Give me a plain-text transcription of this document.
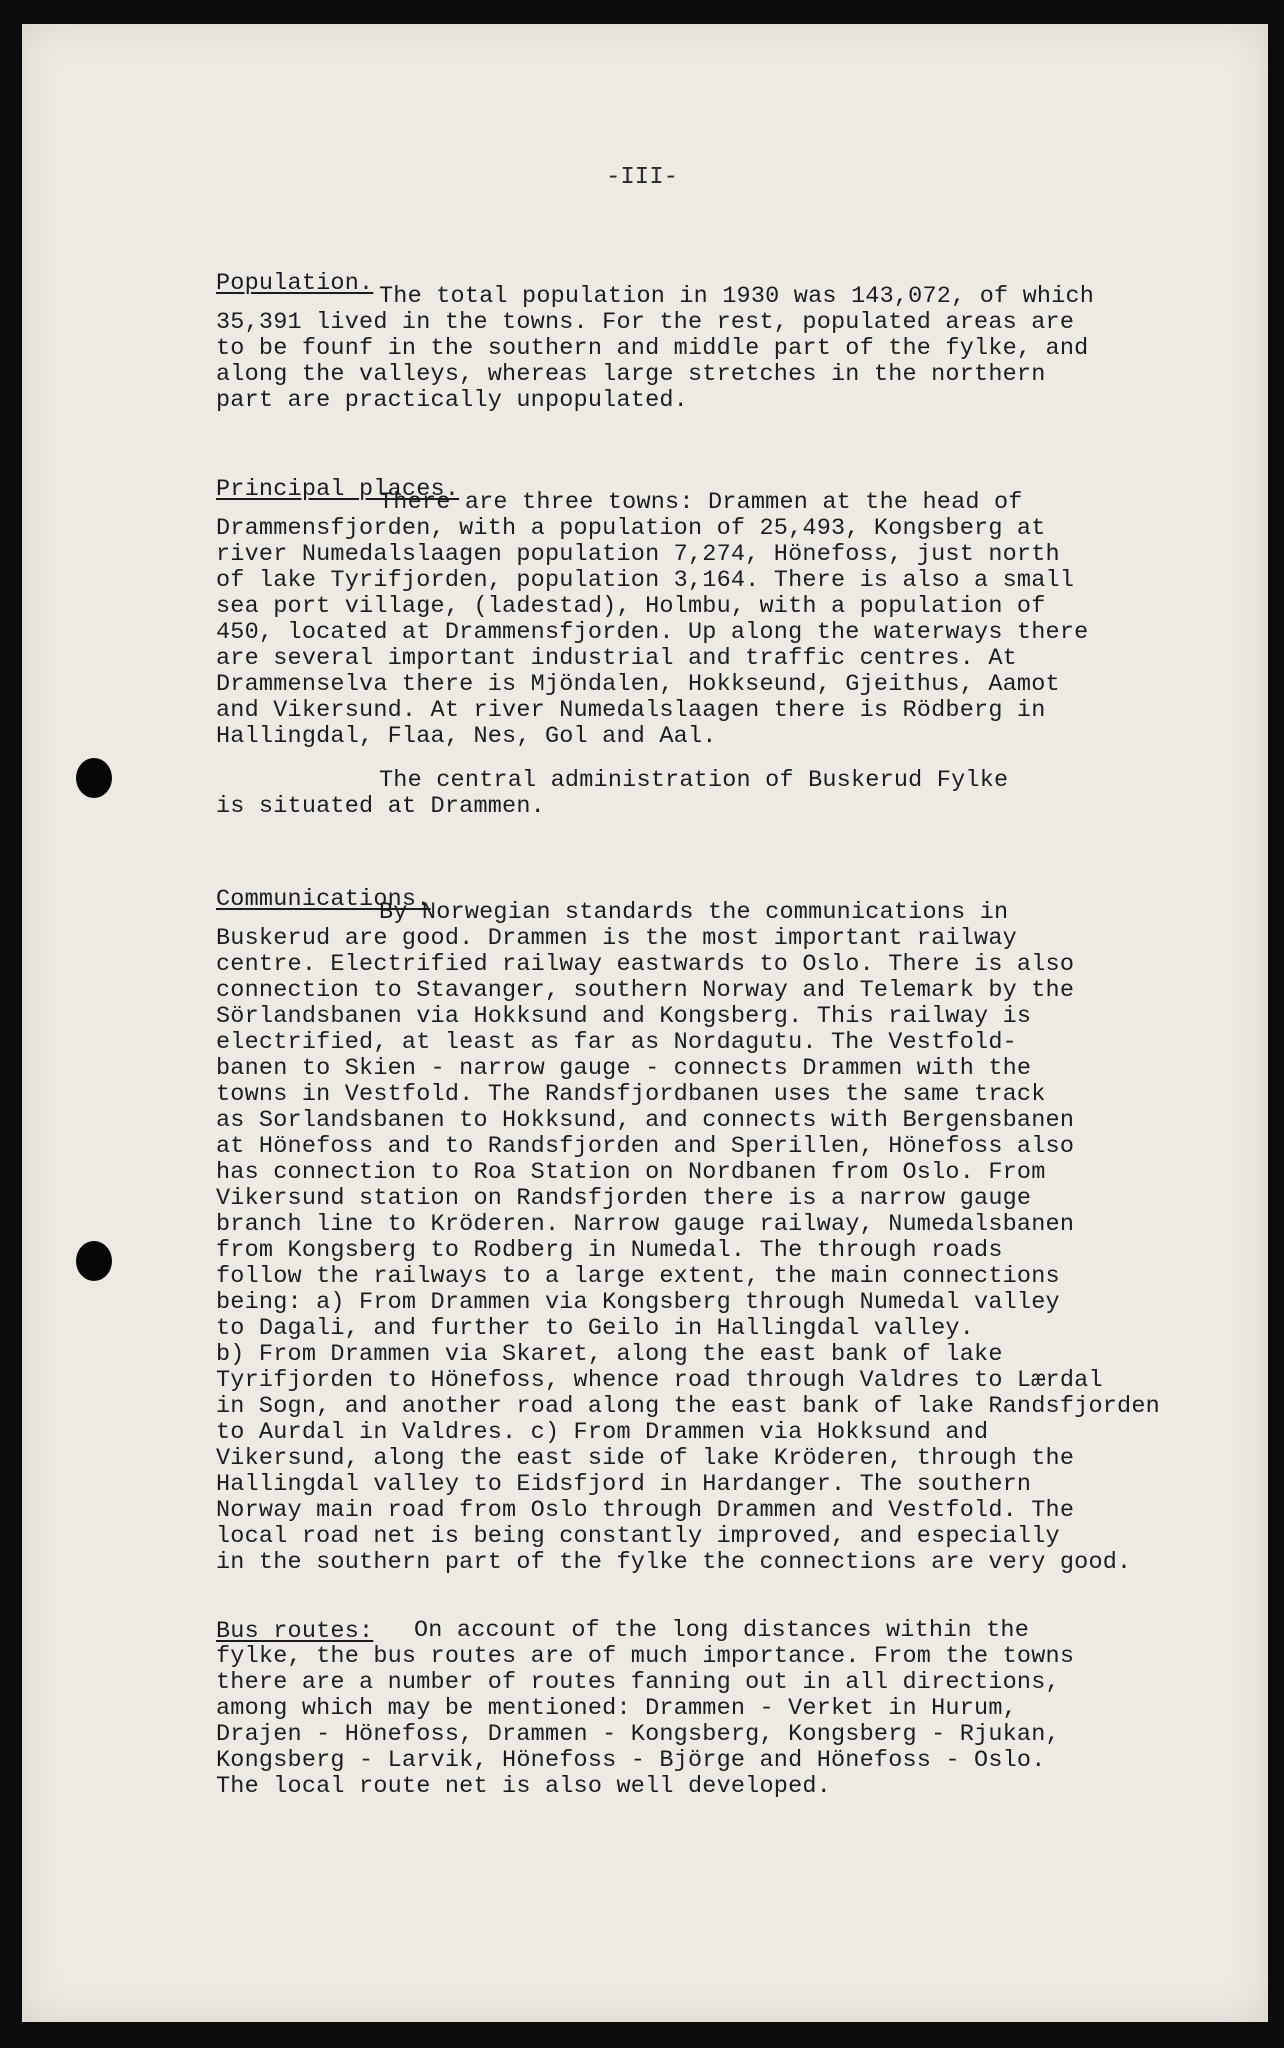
-III-
Population. The total population in 1930 was 143,072, of which
35,391 lived in the towns. For the rest, populated areas are
to be founf in the southern and middle part of the fylke, and
along the valleys, whereas large stretches in the northern
part are practically unpopulated.
Principal places.
There are three towns: Drammen at the head of
Drammensfjorden, with a population of 25,493, Kongsberg at
river Numedalslaagen population 7,274, Hönefoss, just north
of lake Tyrifjorden, population 3,164. There is also a small
sea port village, (ladestad), Holmbu, with a population of
450, located at Drammensfjorden. Up along the waterways there
are several important industrial and traffic centres. At
Drammenselva there is Mjöndalen, Hokkseund, Gjeithus, Aamot
and Vikersund. At river Numedalslaagen there is Rödberg in
Hallingdal, Flaa, Nes, Gol and Aal.
The central administration of Buskerud Fylke
is situated at Drammen.
Communications.
By Norwegian standards the communications in
Buskerud are good. Drammen is the most important railway
centre. Electrified railway eastwards to Oslo. There is also
connection to Stavanger, southern Norway and Telemark by the
Sörlandsbanen via Hokksund and Kongsberg. This railway is
electrified, at least as far as Nordagutu. The Vestfold-
banen to Skien - narrow gauge - connects Drammen with the
towns in Vestfold. The Randsfjordbanen uses the same track
as Sorlandsbanen to Hokksund, and connects with Bergensbanen
at Hönefoss and to Randsfjorden and Sperillen, Hönefoss also
has connection to Roa Station on Nordbanen from Oslo. From
Vikersund station on Randsfjorden there is a narrow gauge
branch line to Kröderen. Narrow gauge railway, Numedalsbanen
from Kongsberg to Rodberg in Numedal. The through roads
follow the railways to a large extent, the main connections
being: a) From Drammen via Kongsberg through Numedal valley
to Dagali, and further to Geilo in Hallingdal valley.
b) From Drammen via Skaret, along the east bank of lake
Tyrifjorden to Hönefoss, whence road through Valdres to Lærdal
in Sogn, and another road along the east bank of lake Randsfjorden
to Aurdal in Valdres. c) From Drammen via Hokksund and
Vikersund, along the east side of lake Kröderen, through the
Hallingdal valley to Eidsfjord in Hardanger. The southern
Norway main road from Oslo through Drammen and Vestfold. The
local road net is being constantly improved, and especially
in the southern part of the fylke the connections are very good.
Bus routes: On account of the long distances within the
fylke, the bus routes are of much importance. From the towns
there are a number of routes fanning out in all directions,
among which may be mentioned: Drammen - Verket in Hurum,
Drajen - Hönefoss, Drammen - Kongsberg, Kongsberg - Rjukan,
Kongsberg - Larvik, Hönefoss - Björge and Hönefoss - Oslo.
The local route net is also well developed.
